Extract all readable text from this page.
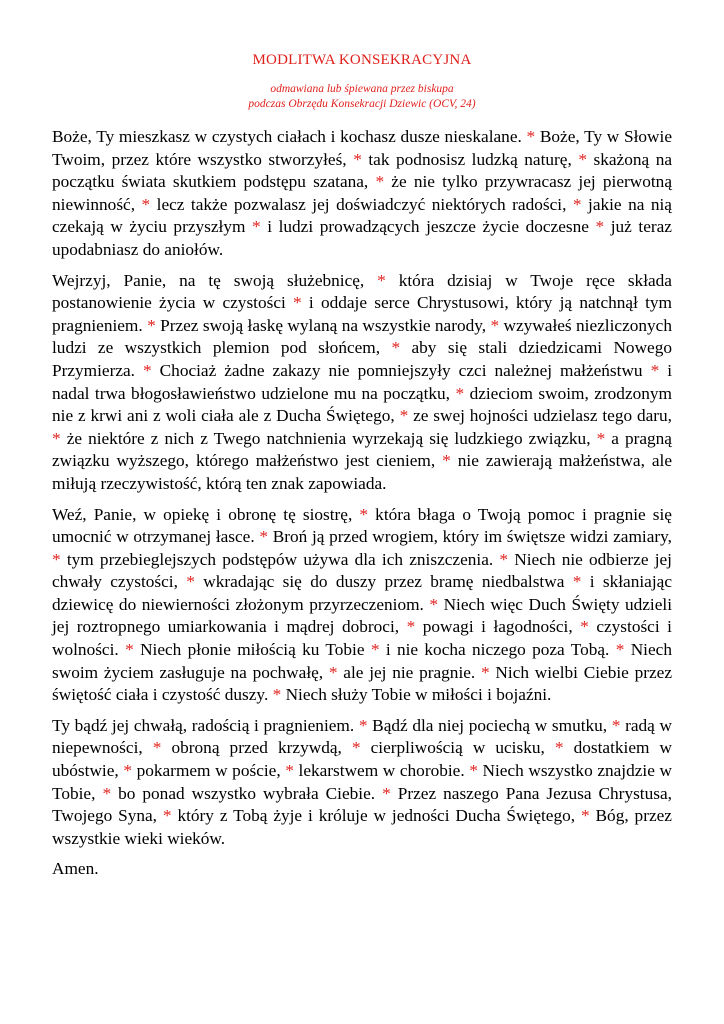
MODLITWA KONSEKRACYJNA
odmawiana lub śpiewana przez biskupa
podczas Obrzędu Konsekracji Dziewic (OCV, 24)

Boże, Ty mieszkasz w czystych ciałach i kochasz dusze nieskalane. * Boże, Ty w Słowie Twoim, przez które wszystko stworzyłeś, * tak podnosisz ludzką naturę, * skażoną na początku świata skutkiem podstępu szatana, * że nie tylko przywracasz jej pierwotną niewinność, * lecz także pozwalasz jej doświadczyć niektórych radości, * jakie na nią czekają w życiu przyszłym * i ludzi prowadzących jeszcze życie doczesne * już teraz upodabniasz do aniołów.

Wejrzyj, Panie, na tę swoją służebnicę, * która dzisiaj w Twoje ręce składa postanowienie życia w czystości * i oddaje serce Chrystusowi, który ją natchnął tym pragnieniem. * Przez swoją łaskę wylaną na wszystkie narody, * wzywałeś niezliczonych ludzi ze wszystkich plemion pod słońcem, * aby się stali dziedzicami Nowego Przymierza. * Chociaż żadne zakazy nie pomniejszyły czci należnej małżeństwu * i nadal trwa błogosławieństwo udzielone mu na początku, * dzieciom swoim, zrodzonym nie z krwi ani z woli ciała ale z Ducha Świętego, * ze swej hojności udzielasz tego daru, * że niektóre z nich z Twego natchnienia wyrzekają się ludzkiego związku, * a pragną związku wyższego, którego małżeństwo jest cieniem, * nie zawierają małżeństwa, ale miłują rzeczywistość, którą ten znak zapowiada.

Weź, Panie, w opiekę i obronę tę siostrę, * która błaga o Twoją pomoc i pragnie się umocnić w otrzymanej łasce. * Broń ją przed wrogiem, który im świętsze widzi zamiary, * tym przebieglejszych podstępów używa dla ich zniszczenia. * Niech nie odbierze jej chwały czystości, * wkradając się do duszy przez bramę niedbalstwa * i skłaniając dziewicę do niewierności złożonym przyrzeczeniom. * Niech więc Duch Święty udzieli jej roztropnego umiarkowania i mądrej dobroci, * powagi i łagodności, * czystości i wolności. * Niech płonie miłością ku Tobie * i nie kocha niczego poza Tobą. * Niech swoim życiem zasługuje na pochwałę, * ale jej nie pragnie. * Nich wielbi Ciebie przez świętość ciała i czystość duszy. * Niech służy Tobie w miłości i bojaźni.

Ty bądź jej chwałą, radością i pragnieniem. * Bądź dla niej pociechą w smutku, * radą w niepewności, * obroną przed krzywdą, * cierpliwością w ucisku, * dostatkiem w ubóstwie, * pokarmem w poście, * lekarstwem w chorobie. * Niech wszystko znajdzie w Tobie, * bo ponad wszystko wybrała Ciebie. * Przez naszego Pana Jezusa Chrystusa, Twojego Syna, * który z Tobą żyje i króluje w jedności Ducha Świętego, * Bóg, przez wszystkie wieki wieków.

Amen.
